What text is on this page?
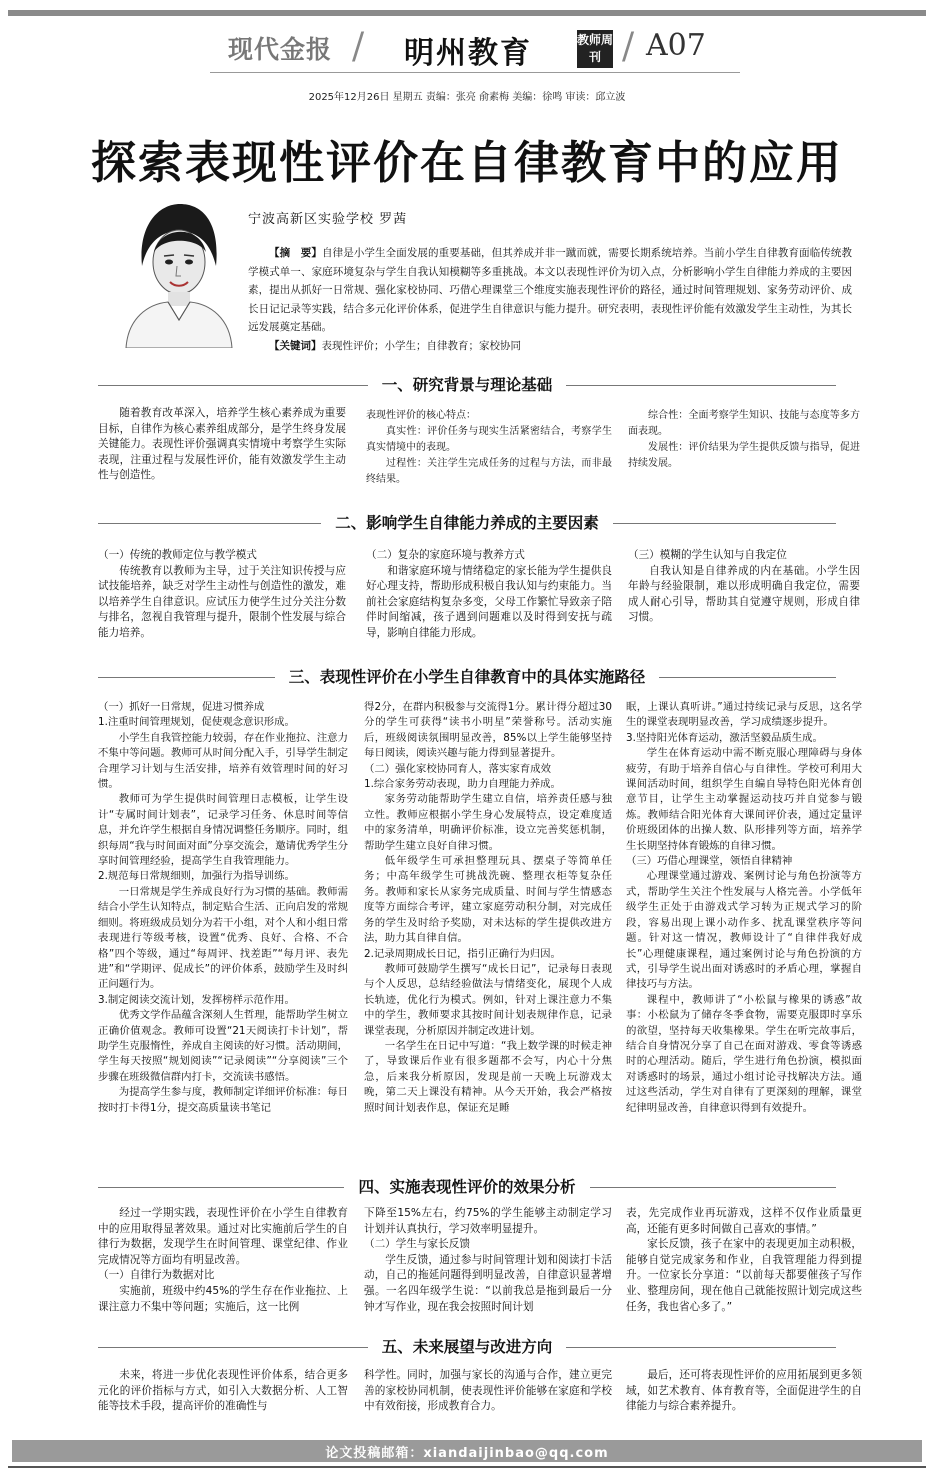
现代金报 / 明州教育	教师周刊 / A07
2025年12月26日 星期五 责编：张亮 俞素梅 美编：徐鸣 审读：邱立波
探索表现性评价在自律教育中的应用
宁波高新区实验学校 罗茜
【摘　要】自律是小学生全面发展的重要基础，但其养成并非一蹴而就，需要长期系统培养。当前小学生自律教育面临传统教学模式单一、家庭环境复杂与学生自我认知模糊等多重挑战。本文以表现性评价为切入点，分析影响小学生自律能力养成的主要因素，提出从抓好一日常规、强化家校协同、巧借心理课堂三个维度实施表现性评价的路径，通过时间管理规划、家务劳动评价、成长日记记录等实践，结合多元化评价体系，促进学生自律意识与能力提升。研究表明，表现性评价能有效激发学生主动性，为其长远发展奠定基础。
【关键词】表现性评价；小学生；自律教育；家校协同
一、研究背景与理论基础

随着教育改革深入，培养学生核心素养成为重要目标，自律作为核心素养组成部分，是学生终身发展关键能力。表现性评价强调真实情境中考察学生实际表现，注重过程与发展性评价，能有效激发学生主动性与创造性。

表现性评价的核心特点：

真实性：评价任务与现实生活紧密结合，考察学生真实情境中的表现。

过程性：关注学生完成任务的过程与方法，而非最终结果。

综合性：全面考察学生知识、技能与态度等多方面表现。

发展性：评价结果为学生提供反馈与指导，促进持续发展。

二、影响学生自律能力养成的主要因素

（一）传统的教师定位与教学模式

传统教育以教师为主导，过于关注知识传授与应试技能培养，缺乏对学生主动性与创造性的激发，难以培养学生自律意识。应试压力使学生过分关注分数与排名，忽视自我管理与提升，限制个性发展与综合能力培养。

（二）复杂的家庭环境与教养方式

和谐家庭环境与情绪稳定的家长能为学生提供良好心理支持，帮助形成积极自我认知与约束能力。当前社会家庭结构复杂多变，父母工作繁忙导致亲子陪伴时间缩减，孩子遇到问题难以及时得到安抚与疏导，影响自律能力形成。

（三）模糊的学生认知与自我定位

自我认知是自律养成的内在基础。小学生因年龄与经验限制，难以形成明确自我定位，需要成人耐心引导，帮助其自觉遵守规则，形成自律习惯。

三、表现性评价在小学生自律教育中的具体实施路径

（一）抓好一日常规，促进习惯养成

1.注重时间管理规划，促使观念意识形成。

小学生自我管控能力较弱，存在作业拖拉、注意力不集中等问题。教师可从时间分配入手，引导学生制定合理学习计划与生活安排，培养有效管理时间的好习惯。

教师可为学生提供时间管理日志模板，让学生设计“专属时间计划表”，记录学习任务、休息时间等信息，并允许学生根据自身情况调整任务顺序。同时，组织每周“我与时间面对面”分享交流会，邀请优秀学生分享时间管理经验，提高学生自我管理能力。

2.规范每日常规细则，加强行为指导训练。

一日常规是学生养成良好行为习惯的基础。教师需结合小学生认知特点，制定贴合生活、正向启发的常规细则。将班级成员划分为若干小组，对个人和小组日常表现进行等级考核，设置“优秀、良好、合格、不合格”四个等级，通过“每周评、找差距”“每月评、表先进”和“学期评、促成长”的评价体系，鼓励学生及时纠正问题行为。

3.制定阅读交流计划，发挥榜样示范作用。

优秀文学作品蕴含深刻人生哲理，能帮助学生树立正确价值观念。教师可设置“21天阅读打卡计划”，帮助学生克服惰性，养成自主阅读的好习惯。活动期间，学生每天按照“规划阅读”“记录阅读”“分享阅读”三个步骤在班级微信群内打卡，交流读书感悟。

为提高学生参与度，教师制定详细评价标准：每日按时打卡得1分，提交高质量读书笔记

得2分，在群内积极参与交流得1分。累计得分超过30分的学生可获得“读书小明星”荣誉称号。活动实施后，班级阅读氛围明显改善，85%以上学生能够坚持每日阅读，阅读兴趣与能力得到显著提升。

（二）强化家校协同育人，落实家育成效

1.综合家务劳动表现，助力自理能力养成。

家务劳动能帮助学生建立自信，培养责任感与独立性。教师应根据小学生身心发展特点，设定难度适中的家务清单，明确评价标准，设立完善奖惩机制，帮助学生建立良好自律习惯。

低年级学生可承担整理玩具、摆桌子等简单任务；中高年级学生可挑战洗碗、整理衣柜等复杂任务。教师和家长从家务完成质量、时间与学生情感态度等方面综合考评，建立家庭劳动积分制，对完成任务的学生及时给予奖励，对未达标的学生提供改进方法，助力其自律自信。

2.记录周期成长日记，指引正确行为归因。

教师可鼓励学生撰写“成长日记”，记录每日表现与个人反思，总结经验做法与情绪变化，展现个人成长轨迹，优化行为模式。例如，针对上课注意力不集中的学生，教师要求其按时间计划表规律作息，记录课堂表现，分析原因并制定改进计划。

一名学生在日记中写道：“我上数学课的时候走神了，导致课后作业有很多题都不会写，内心十分焦急，后来我分析原因，发现是前一天晚上玩游戏太晚，第二天上课没有精神。从今天开始，我会严格按照时间计划表作息，保证充足睡

眠，上课认真听讲。”通过持续记录与反思，这名学生的课堂表现明显改善，学习成绩逐步提升。

3.坚持阳光体育运动，激活坚毅品质生成。

学生在体育运动中需不断克服心理障碍与身体疲劳，有助于培养自信心与自律性。学校可利用大课间活动时间，组织学生自编自导特色阳光体育创意节目，让学生主动掌握运动技巧并自觉参与锻炼。教师结合阳光体育大课间评价表，通过定量评价班级团体的出操人数、队形排列等方面，培养学生长期坚持体育锻炼的自律习惯。

（三）巧借心理课堂，领悟自律精神

心理课堂通过游戏、案例讨论与角色扮演等方式，帮助学生关注个性发展与人格完善。小学低年级学生正处于由游戏式学习转为正规式学习的阶段，容易出现上课小动作多、扰乱课堂秩序等问题。针对这一情况，教师设计了“自律伴我好成长”心理健康课程，通过案例讨论与角色扮演的方式，引导学生说出面对诱惑时的矛盾心理，掌握自律技巧与方法。

课程中，教师讲了“小松鼠与橡果的诱惑”故事：小松鼠为了储存冬季食物，需要克服即时享乐的欲望，坚持每天收集橡果。学生在听完故事后，结合自身情况分享了自己在面对游戏、零食等诱惑时的心理活动。随后，学生进行角色扮演，模拟面对诱惑时的场景，通过小组讨论寻找解决方法。通过这些活动，学生对自律有了更深刻的理解，课堂纪律明显改善，自律意识得到有效提升。

四、实施表现性评价的效果分析

经过一学期实践，表现性评价在小学生自律教育中的应用取得显著效果。通过对比实施前后学生的自律行为数据，发现学生在时间管理、课堂纪律、作业完成情况等方面均有明显改善。

（一）自律行为数据对比

实施前，班级中约45%的学生存在作业拖拉、上课注意力不集中等问题；实施后，这一比例

下降至15%左右，约75%的学生能够主动制定学习计划并认真执行，学习效率明显提升。

（二）学生与家长反馈

学生反馈，通过参与时间管理计划和阅读打卡活动，自己的拖延问题得到明显改善，自律意识显著增强。一名四年级学生说：“以前我总是拖到最后一分钟才写作业，现在我会按照时间计划

表，先完成作业再玩游戏，这样不仅作业质量更高，还能有更多时间做自己喜欢的事情。”

家长反馈，孩子在家中的表现更加主动积极，能够自觉完成家务和作业，自我管理能力得到提升。一位家长分享道：“以前每天都要催孩子写作业、整理房间，现在他自己就能按照计划完成这些任务，我也省心多了。”

五、未来展望与改进方向

未来，将进一步优化表现性评价体系，结合更多元化的评价指标与方式，如引入大数据分析、人工智能等技术手段，提高评价的准确性与

科学性。同时，加强与家长的沟通与合作，建立更完善的家校协同机制，使表现性评价能够在家庭和学校中有效衔接，形成教育合力。

最后，还可将表现性评价的应用拓展到更多领域，如艺术教育、体育教育等，全面促进学生的自律能力与综合素养提升。

论文投稿邮箱：xiandaijinbao@qq.com
